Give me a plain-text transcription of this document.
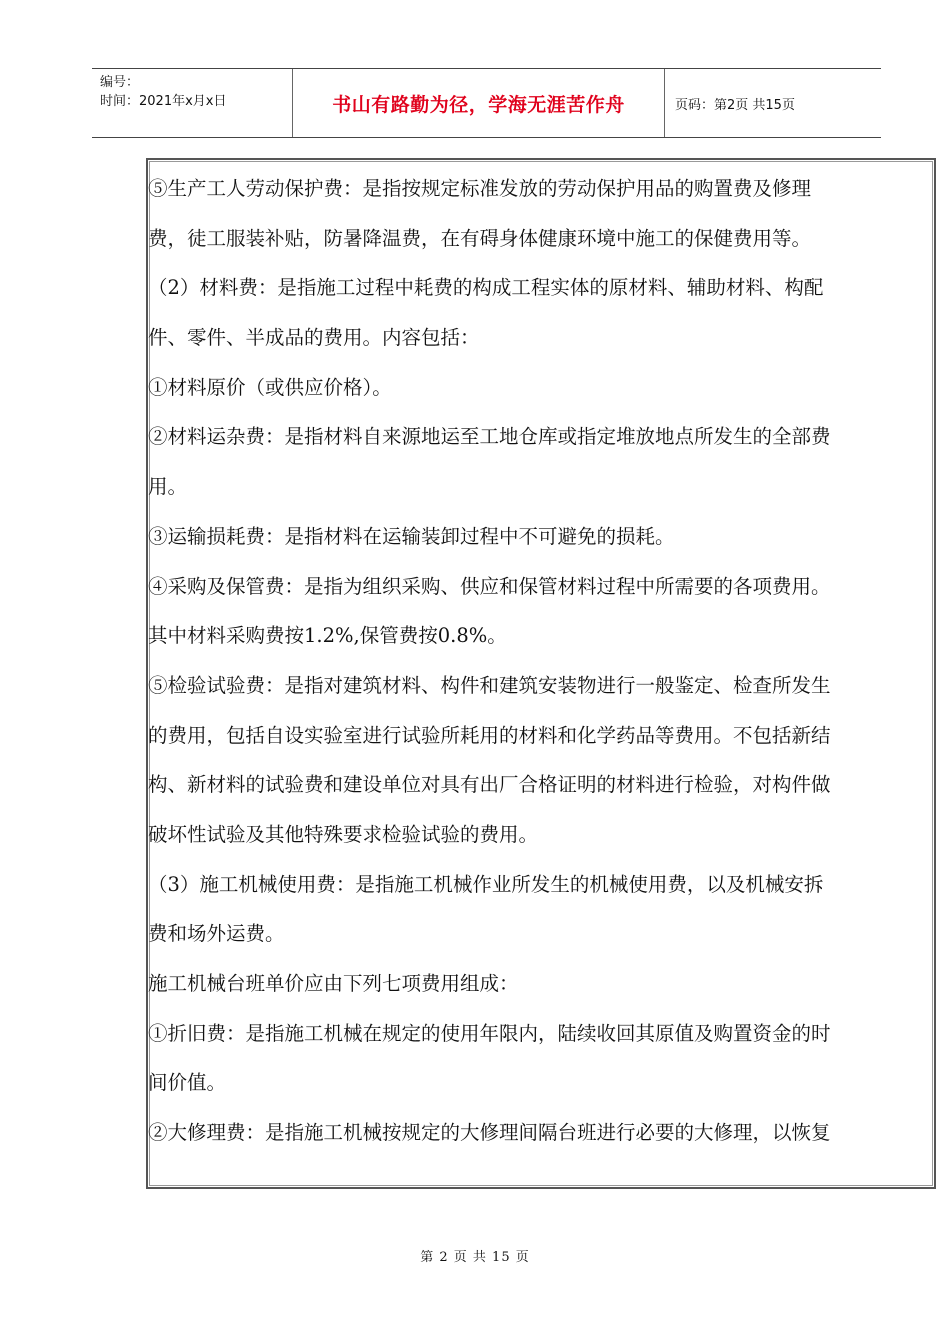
编号：
时间：2021年x月x日	书山有路勤为径，学海无涯苦作舟	页码：第2页 共15页
⑤生产工人劳动保护费：是指按规定标准发放的劳动保护用品的购置费及修理
费，徒工服装补贴，防暑降温费，在有碍身体健康环境中施工的保健费用等。
（2）材料费：是指施工过程中耗费的构成工程实体的原材料、辅助材料、构配
件、零件、半成品的费用。内容包括：
①材料原价（或供应价格）。
②材料运杂费：是指材料自来源地运至工地仓库或指定堆放地点所发生的全部费
用。
③运输损耗费：是指材料在运输装卸过程中不可避免的损耗。
④采购及保管费：是指为组织采购、供应和保管材料过程中所需要的各项费用。
其中材料采购费按1.2%,保管费按0.8%。
⑤检验试验费：是指对建筑材料、构件和建筑安装物进行一般鉴定、检查所发生
的费用，包括自设实验室进行试验所耗用的材料和化学药品等费用。不包括新结
构、新材料的试验费和建设单位对具有出厂合格证明的材料进行检验，对构件做
破坏性试验及其他特殊要求检验试验的费用。
（3）施工机械使用费：是指施工机械作业所发生的机械使用费，以及机械安拆
费和场外运费。
施工机械台班单价应由下列七项费用组成：
①折旧费：是指施工机械在规定的使用年限内，陆续收回其原值及购置资金的时
间价值。
②大修理费：是指施工机械按规定的大修理间隔台班进行必要的大修理，以恢复
第 2 页 共 15 页
